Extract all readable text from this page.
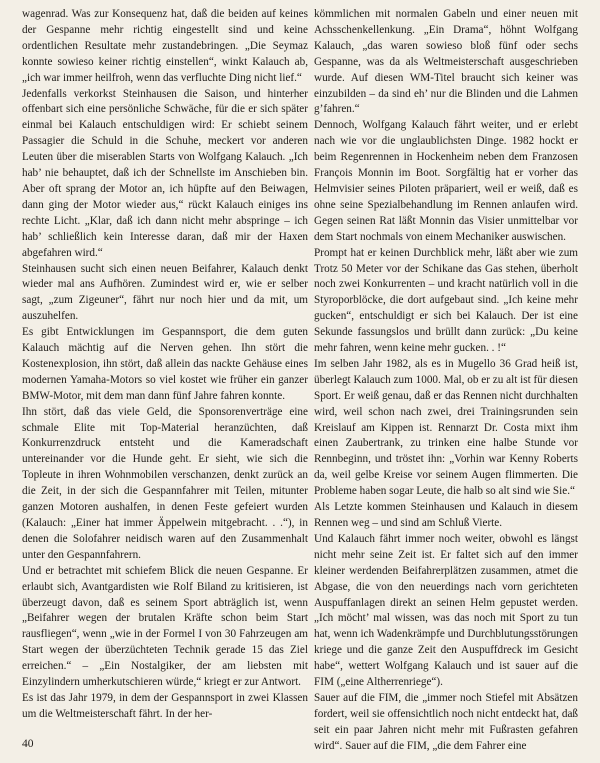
wagenrad. Was zur Konsequenz hat, daß die beiden auf keines der Gespanne mehr richtig eingestellt sind und keine ordentlichen Resultate mehr zustandebringen. „Die Seymaz konnte sowieso keiner richtig einstellen“, winkt Kalauch ab, „ich war immer heilfroh, wenn das verfluchte Ding nicht lief.“

Jedenfalls verkorkst Steinhausen die Saison, und hinterher offenbart sich eine persönliche Schwäche, für die er sich später einmal bei Kalauch entschuldigen wird: Er schiebt seinem Passagier die Schuld in die Schuhe, meckert vor anderen Leuten über die miserablen Starts von Wolfgang Kalauch. „Ich hab’ nie behauptet, daß ich der Schnellste im Anschieben bin. Aber oft sprang der Motor an, ich hüpfte auf den Beiwagen, dann ging der Motor wieder aus,“ rückt Kalauch einiges ins rechte Licht. „Klar, daß ich dann nicht mehr abspringe – ich hab’ schließlich kein Interesse daran, daß mir der Haxen abgefahren wird.“

Steinhausen sucht sich einen neuen Beifahrer, Kalauch denkt wieder mal ans Aufhören. Zumindest wird er, wie er selber sagt, „zum Zigeuner“, fährt nur noch hier und da mit, um auszuhelfen.

Es gibt Entwicklungen im Gespannsport, die dem guten Kalauch mächtig auf die Nerven gehen. Ihn stört die Kostenexplosion, ihn stört, daß allein das nackte Gehäuse eines modernen Yamaha-Motors so viel kostet wie früher ein ganzer BMW-Motor, mit dem man dann fünf Jahre fahren konnte.

Ihn stört, daß das viele Geld, die Sponsorenverträge eine schmale Elite mit Top-Material heranzüchten, daß Konkurrenzdruck entsteht und die Kameradschaft untereinander vor die Hunde geht. Er sieht, wie sich die Topleute in ihren Wohnmobilen verschanzen, denkt zurück an die Zeit, in der sich die Gespannfahrer mit Teilen, mitunter ganzen Motoren aushalfen, in denen Feste gefeiert wurden (Kalauch: „Einer hat immer Äppelwein mitgebracht. . .“), in denen die Solofahrer neidisch waren auf den Zusammenhalt unter den Gespannfahrern.

Und er betrachtet mit schiefem Blick die neuen Gespanne. Er erlaubt sich, Avantgardisten wie Rolf Biland zu kritisieren, ist überzeugt davon, daß es seinem Sport abträglich ist, wenn „Beifahrer wegen der brutalen Kräfte schon beim Start rausfliegen“, wenn „wie in der Formel I von 30 Fahrzeugen am Start wegen der überzüchteten Technik gerade 15 das Ziel erreichen.“ – „Ein Nostalgiker, der am liebsten mit Einzylindern umherkutschieren würde,“ kriegt er zur Antwort.

Es ist das Jahr 1979, in dem der Gespannsport in zwei Klassen um die Weltmeisterschaft fährt. In der her-

kömmlichen mit normalen Gabeln und einer neuen mit Achsschenkellenkung. „Ein Drama“, höhnt Wolfgang Kalauch, „das waren sowieso bloß fünf oder sechs Gespanne, was da als Weltmeisterschaft ausgeschrieben wurde. Auf diesen WM-Titel braucht sich keiner was einzubilden – da sind eh’ nur die Blinden und die Lahmen g’fahren.“

Dennoch, Wolfgang Kalauch fährt weiter, und er erlebt nach wie vor die unglaublichsten Dinge. 1982 hockt er beim Regenrennen in Hockenheim neben dem Franzosen François Monnin im Boot. Sorgfältig hat er vorher das Helmvisier seines Piloten präpariert, weil er weiß, daß es ohne seine Spezialbehandlung im Rennen anlaufen wird. Gegen seinen Rat läßt Monnin das Visier unmittelbar vor dem Start nochmals von einem Mechaniker auswischen.

Prompt hat er keinen Durchblick mehr, läßt aber wie zum Trotz 50 Meter vor der Schikane das Gas stehen, überholt noch zwei Konkurrenten – und kracht natürlich voll in die Styroporblöcke, die dort aufgebaut sind. „Ich keine mehr gucken“, entschuldigt er sich bei Kalauch. Der ist eine Sekunde fassungslos und brüllt dann zurück: „Du keine mehr fahren, wenn keine mehr gucken. . !“

Im selben Jahr 1982, als es in Mugello 36 Grad heiß ist, überlegt Kalauch zum 1000. Mal, ob er zu alt ist für diesen Sport. Er weiß genau, daß er das Rennen nicht durchhalten wird, weil schon nach zwei, drei Trainingsrunden sein Kreislauf am Kippen ist. Rennarzt Dr. Costa mixt ihm einen Zaubertrank, zu trinken eine halbe Stunde vor Rennbeginn, und tröstet ihn: „Vorhin war Kenny Roberts da, weil gelbe Kreise vor seinem Augen flimmerten. Die Probleme haben sogar Leute, die halb so alt sind wie Sie.“

Als Letzte kommen Steinhausen und Kalauch in diesem Rennen weg – und sind am Schluß Vierte.

Und Kalauch fährt immer noch weiter, obwohl es längst nicht mehr seine Zeit ist. Er faltet sich auf den immer kleiner werdenden Beifahrerplätzen zusammen, atmet die Abgase, die von den neuerdings nach vorn gerichteten Auspuffanlagen direkt an seinen Helm gepustet werden. „Ich möcht’ mal wissen, was das noch mit Sport zu tun hat, wenn ich Wadenkrämpfe und Durchblutungsstörungen kriege und die ganze Zeit den Auspuffdreck im Gesicht habe“, wettert Wolfgang Kalauch und ist sauer auf die FIM („eine Altherrenriege“).

Sauer auf die FIM, die „immer noch Stiefel mit Absätzen fordert, weil sie offensichtlich noch nicht entdeckt hat, daß seit ein paar Jahren nicht mehr mit Fußrasten gefahren wird“. Sauer auf die FIM, „die dem Fahrer eine

40
